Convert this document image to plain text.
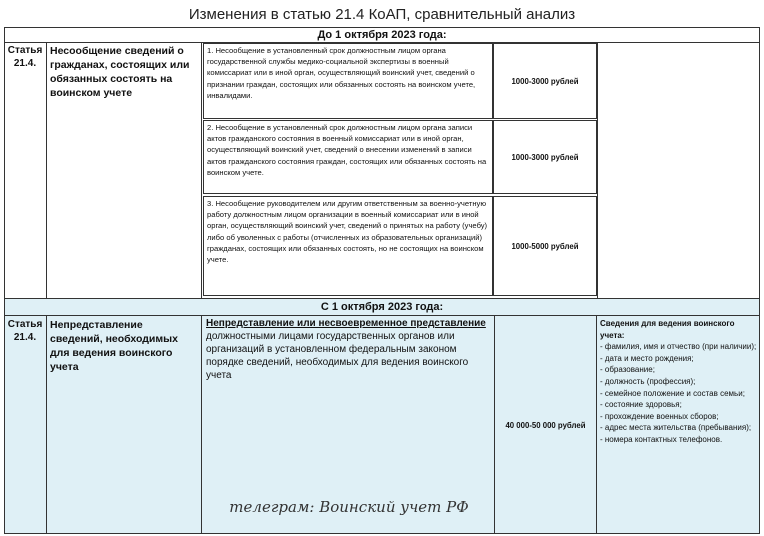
Изменения в статью 21.4 КоАП, сравнительный анализ
До 1 октября 2023 года:
Статья 21.4.
Несообщение сведений о гражданах, состоящих или обязанных состоять на воинском учете
1. Несообщение в установленный срок должностным лицом органа государственной службы медико-социальной экспертизы в военный комиссариат или в иной орган, осуществляющий воинский учет, сведений о признании граждан, состоящих или обязанных состоять на воинском учете, инвалидами.
1000-3000 рублей
2. Несообщение в установленный срок должностным лицом органа записи актов гражданского состояния в военный комиссариат или в иной орган, осуществляющий воинский учет, сведений о внесении изменений в записи актов гражданского состояния граждан, состоящих или обязанных состоять на воинском учете.
1000-3000 рублей
3. Несообщение руководителем или другим ответственным за военно-учетную работу должностным лицом организации в военный комиссариат или в иной орган, осуществляющий воинский учет, сведений о принятых на работу (учебу) либо об уволенных с работы (отчисленных из образовательных организаций) гражданах, состоящих или обязанных состоять, но не состоящих на воинском учете.
1000-5000 рублей
С 1 октября 2023 года:
Статья 21.4.
Непредставление сведений, необходимых для ведения воинского учета
Непредставление или несвоевременное представление
должностными лицами государственных органов или организаций в установленном федеральным законом порядке сведений, необходимых для ведения воинского учета
40 000-50 000 рублей
Сведения для ведения воинского учета:
- фамилия, имя и отчество (при наличии);
- дата и место рождения;
- образование;
- должность (профессия);
- семейное положение и состав семьи;
- состояние здоровья;
- прохождение военных сборов;
- адрес места жительства (пребывания);
- номера контактных телефонов.
телеграм: Воинский учет РФ
